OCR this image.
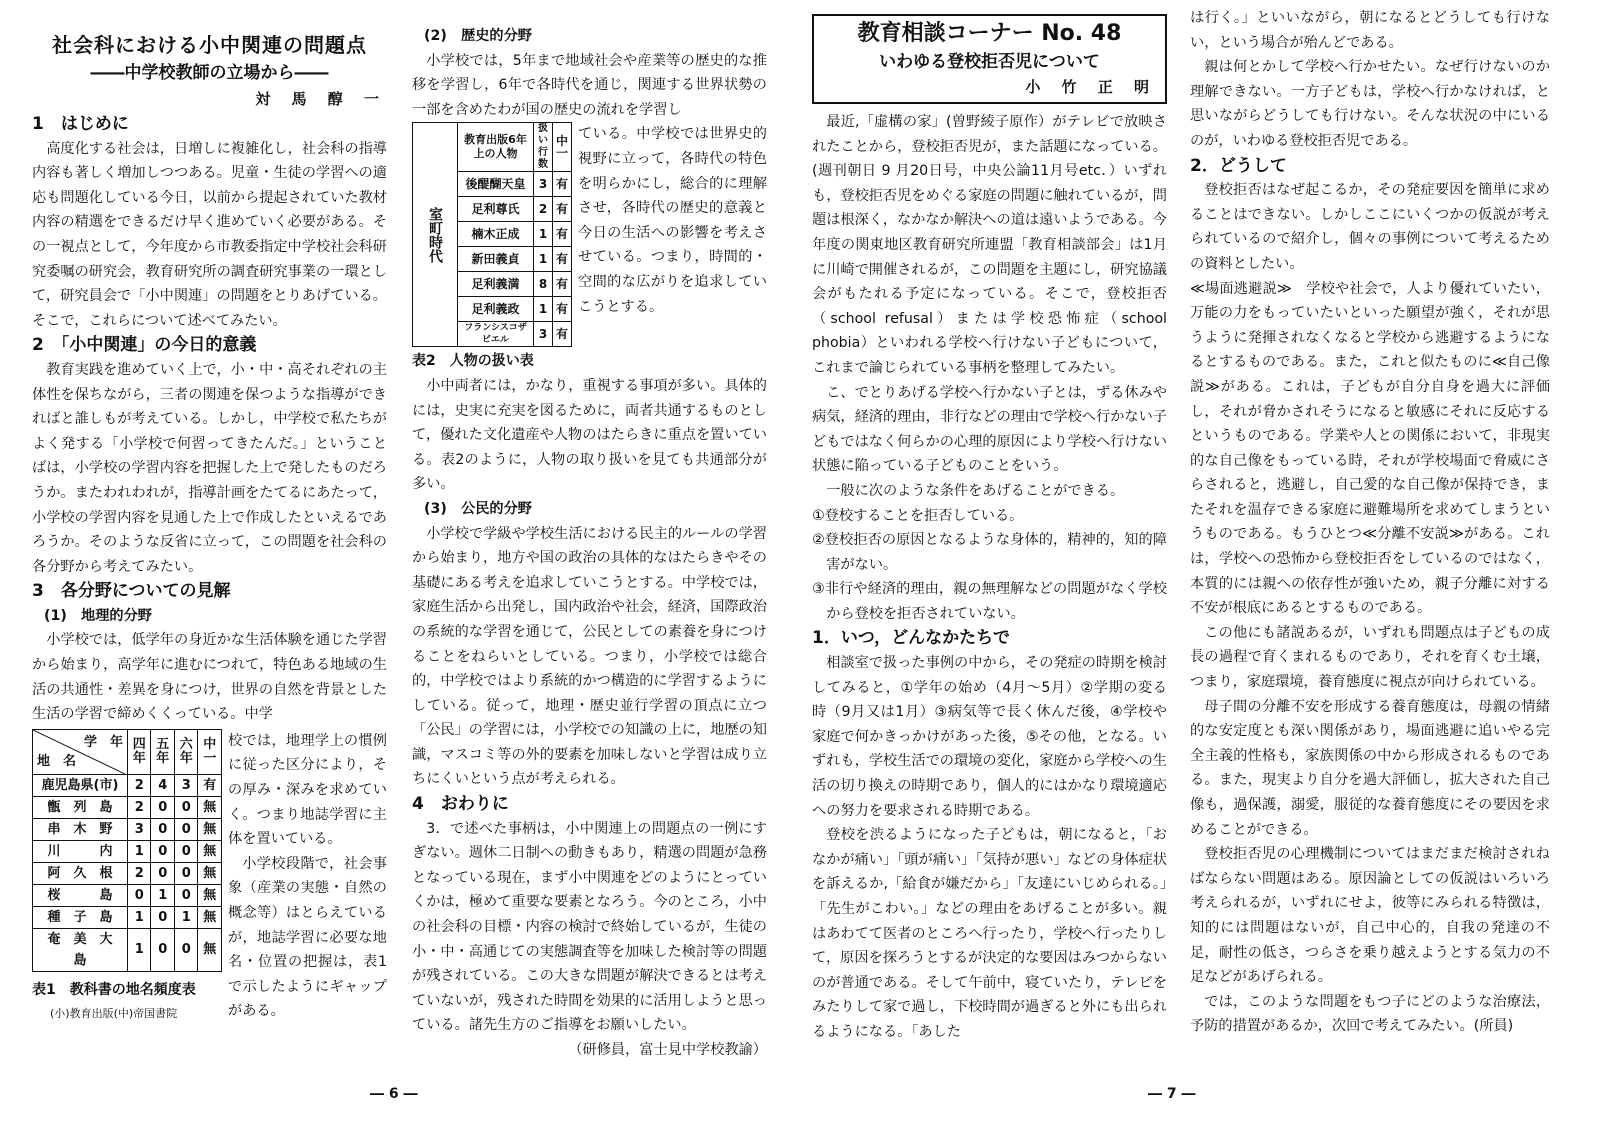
社会科における小中関連の問題点
――中学校教師の立場から――
対 馬 醇 一
1　はじめに

高度化する社会は，日増しに複雑化し，社会科の指導内容も著しく増加しつつある。児童・生徒の学習への適応も問題化している今日，以前から提起されていた教材内容の精選をできるだけ早く進めていく必要がある。その一視点として，今年度から市教委指定中学校社会科研究委嘱の研究会，教育研究所の調査研究事業の一環として，研究員会で「小中関連」の問題をとりあげている。そこで，これらについて述べてみたい。

2　「小中関連」の今日的意義

教育実践を進めていく上で，小・中・高それぞれの主体性を保ちながら，三者の関連を保つような指導ができればと誰しもが考えている。しかし，中学校で私たちがよく発する「小学校で何習ってきたんだ。」ということばは，小学校の学習内容を把握した上で発したものだろうか。またわれわれが，指導計画をたてるにあたって，小学校の学習内容を見通した上で作成したといえるであろうか。そのような反省に立って，この問題を社会科の各分野から考えてみたい。

3　各分野についての見解
(1)　地理的分野

小学校では，低学年の身近かな生活体験を通じた学習から始まり，高学年に進むにつれて，特色ある地域の生活の共通性・差異を身につけ，世界の自然を背景とした生活の学習で締めくくっている。中学

学　年
地　名	四年	五年	六年	中一
鹿児島県(市)	2	4	3	有
甑　列　島	2	0	0	無
串　木　野	3	0	0	無
川　　　内	1	0	0	無
阿　久　根	2	0	0	無
桜　　　島	0	1	0	無
種　子　島	1	0	1	無
奄　美　大　島	1	0	0	無
表1　教科書の地名頻度表
(小)教育出版(中)帝国書院

校では，地理学上の慣例に従った区分により，その厚み・深みを求めていく。つまり地誌学習に主体を置いている。

小学校段階で，社会事象（産業の実態・自然の概念等）はとらえているが，地誌学習に必要な地名・位置の把握は，表1で示したようにギャップがある。

(2)　歴史的分野

小学校では，5年まで地域社会や産業等の歴史的な推移を学習し，6年で各時代を通じ，関連する世界状勢の一部を含めたわが国の歴史の流れを学習し

室町時代	教育出版6年上の人物	扱い行数	中一
	後醍醐天皇	3	有
	足利尊氏	2	有
	楠木正成	1	有
	新田義貞	1	有
	足利義満	8	有
	足利義政	1	有
	フランシスコザビエル	3	有

ている。中学校では世界史的視野に立って，各時代の特色を明らかにし，総合的に理解させ，各時代の歴史的意義と今日の生活への影響を考えさせている。つまり，時間的・空間的な広がりを追求していこうとする。

表2　人物の扱い表

小中両者には，かなり，重視する事項が多い。具体的には，史実に充実を図るために，両者共通するものとして，優れた文化遺産や人物のはたらきに重点を置いている。表2のように，人物の取り扱いを見ても共通部分が多い。

(3)　公民的分野

小学校で学級や学校生活における民主的ルールの学習から始まり，地方や国の政治の具体的なはたらきやその基礎にある考えを追求していこうとする。中学校では，家庭生活から出発し，国内政治や社会，経済，国際政治の系統的な学習を通じて，公民としての素養を身につけることをねらいとしている。つまり，小学校では総合的，中学校ではより系統的かつ構造的に学習するようにしている。従って，地理・歴史並行学習の頂点に立つ「公民」の学習には，小学校での知識の上に，地歴の知識，マスコミ等の外的要素を加味しないと学習は成り立ちにくいという点が考えられる。

4　おわりに

3．で述べた事柄は，小中関連上の問題点の一例にすぎない。週休二日制への動きもあり，精選の問題が急務となっている現在，まず小中関連をどのようにとっていくかは，極めて重要な要素となろう。今のところ，小中の社会科の目標・内容の検討で終始しているが，生徒の小・中・高通じての実態調査等を加味した検討等の問題が残されている。この大きな問題が解決できるとは考えていないが，残された時間を効果的に活用しようと思っている。諸先生方のご指導をお願いしたい。

（研修員，富士見中学校教諭）
― 6 ―
教育相談コーナー No. 48
いわゆる登校拒否児について
小 竹 正 明

最近,「虚構の家」(曽野綾子原作）がテレビで放映されたことから，登校拒否児が，また話題になっている。(週刊朝日 9 月20日号，中央公論11月号etc．）いずれも，登校拒否児をめぐる家庭の問題に触れているが，問題は根深く，なかなか解決への道は遠いようである。今年度の関東地区教育研究所連盟「教育相談部会」は1月に川崎で開催されるが，この問題を主題にし，研究協議会がもたれる予定になっている。そこで，登校拒否（school refusal）または学校恐怖症（school phobia）といわれる学校へ行けない子どもについて，これまで論じられている事柄を整理してみたい。

こ、でとりあげる学校へ行かない子とは，ずる休みや病気，経済的理由，非行などの理由で学校へ行かない子どもではなく何らかの心理的原因により学校へ行けない状態に陥っている子どものことをいう。

一般に次のような条件をあげることができる。

①登校することを拒否している。

②登校拒否の原因となるような身体的，精神的，知的障害がない。

③非行や経済的理由，親の無理解などの問題がなく学校から登校を拒否されていない。

1．いつ，どんなかたちで

相談室で扱った事例の中から，その発症の時期を検討してみると，①学年の始め（4月～5月）②学期の変る時（9月又は1月）③病気等で長く休んだ後，④学校や家庭で何かきっかけがあった後，⑤その他，となる。いずれも，学校生活での環境の変化，家庭から学校への生活の切り換えの時期であり，個人的にはかなり環境適応への努力を要求される時期である。

登校を渋るようになった子どもは，朝になると，「おなかが痛い」「頭が痛い」「気持が悪い」などの身体症状を訴えるか,「給食が嫌だから」「友達にいじめられる。」「先生がこわい。」などの理由をあげることが多い。親はあわてて医者のところへ行ったり，学校へ行ったりして，原因を探ろうとするが決定的な要因はみつからないのが普通である。そして午前中，寝ていたり，テレビをみたりして家で過し，下校時間が過ぎると外にも出られるようになる。「あした

は行く。」といいながら，朝になるとどうしても行けない，という場合が殆んどである。

親は何とかして学校へ行かせたい。なぜ行けないのか理解できない。一方子どもは，学校へ行かなければ，と思いながらどうしても行けない。そんな状況の中にいるのが，いわゆる登校拒否児である。

2．どうして

登校拒否はなぜ起こるか，その発症要因を簡単に求めることはできない。しかしここにいくつかの仮説が考えられているので紹介し，個々の事例について考えるための資料としたい。

≪場面逃避説≫　学校や社会で，人より優れていたい，万能の力をもっていたいといった願望が強く，それが思うように発揮されなくなると学校から逃避するようになるとするものである。また，これと似たものに≪自己像説≫がある。これは，子どもが自分自身を過大に評価し，それが脅かされそうになると敏感にそれに反応するというものである。学業や人との関係において，非現実的な自己像をもっている時，それが学校場面で脅威にさらされると，逃避し，自己愛的な自己像が保持でき，またそれを温存できる家庭に避難場所を求めてしまうというものである。もうひとつ≪分離不安説≫がある。これは，学校への恐怖から登校拒否をしているのではなく，本質的には親への依存性が強いため，親子分離に対する不安が根底にあるとするものである。

この他にも諸説あるが，いずれも問題点は子どもの成長の過程で育くまれるものであり，それを育くむ土壌，つまり，家庭環境，養育態度に視点が向けられている。

母子間の分離不安を形成する養育態度は，母親の情緒的な安定度とも深い関係があり，場面逃避に追いやる完全主義的性格も，家族関係の中から形成されるものである。また，現実より自分を過大評価し，拡大された自己像も，過保護，溺愛，服従的な養育態度にその要因を求めることができる。

登校拒否児の心理機制についてはまだまだ検討されねばならない問題はある。原因論としての仮説はいろいろ考えられるが，いずれにせよ，彼等にみられる特徴は，知的には問題はないが，自己中心的，自我の発達の不足，耐性の低さ，つらさを乗り越えようとする気力の不足などがあげられる。

では，このような問題をもつ子にどのような治療法，予防的措置があるか，次回で考えてみたい。(所員)

― 7 ―
